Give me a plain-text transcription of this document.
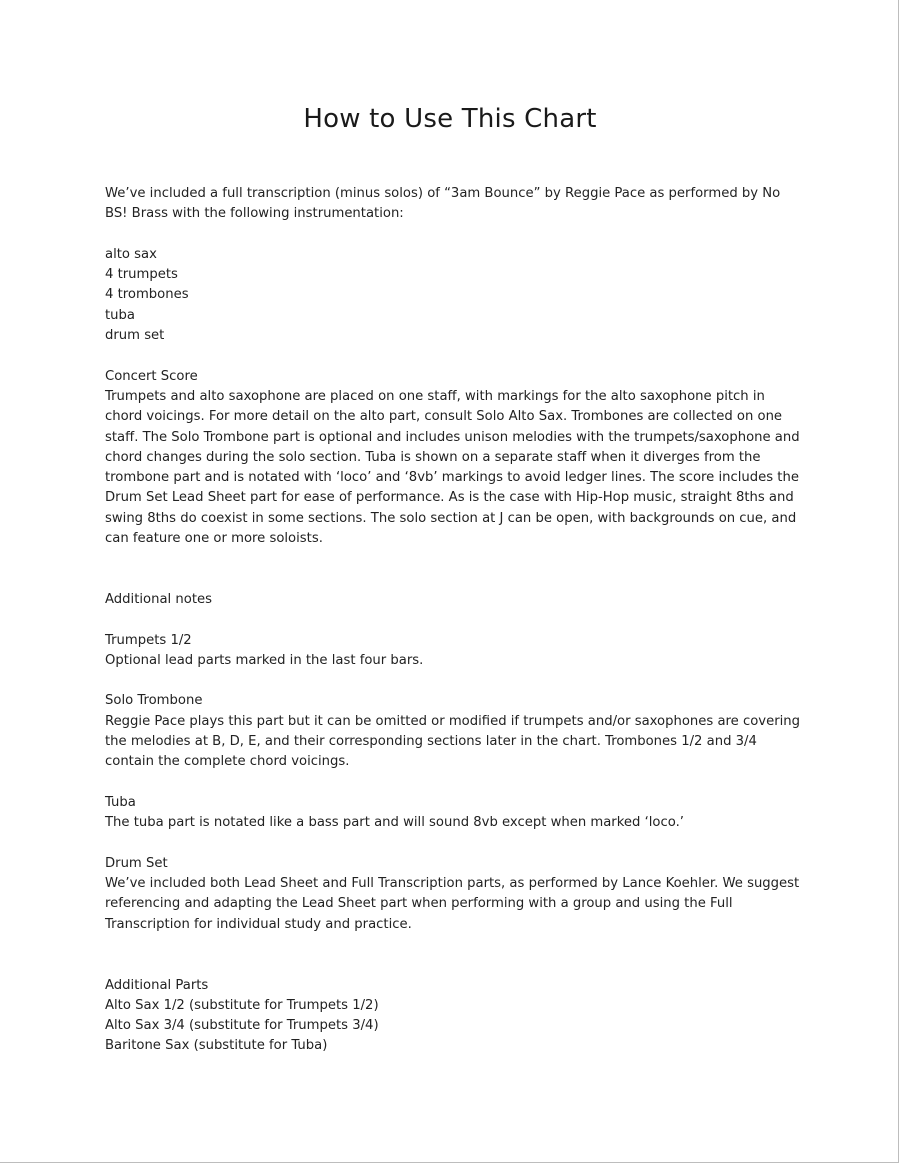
How to Use This Chart

We’ve included a full transcription (minus solos) of “3am Bounce” by Reggie Pace as performed by No BS! Brass with the following instrumentation:

alto sax
4 trumpets
4 trombones
tuba
drum set
Concert Score

Trumpets and alto saxophone are placed on one staff, with markings for the alto saxophone pitch in chord voicings. For more detail on the alto part, consult Solo Alto Sax. Trombones are collected on one staff. The Solo Trombone part is optional and includes unison melodies with the trumpets/saxophone and chord changes during the solo section. Tuba is shown on a separate staff when it diverges from the trombone part and is notated with ‘loco’ and ‘8vb’ markings to avoid ledger lines. The score includes the Drum Set Lead Sheet part for ease of performance. As is the case with Hip-Hop music, straight 8ths and swing 8ths do coexist in some sections. The solo section at J can be open, with backgrounds on cue, and can feature one or more soloists.

Additional notes
Trumpets 1/2

Optional lead parts marked in the last four bars.

Solo Trombone

Reggie Pace plays this part but it can be omitted or modified if trumpets and/or saxophones are covering the melodies at B, D, E, and their corresponding sections later in the chart. Trombones 1/2 and 3/4 contain the complete chord voicings.

Tuba

The tuba part is notated like a bass part and will sound 8vb except when marked ‘loco.’

Drum Set

We’ve included both Lead Sheet and Full Transcription parts, as performed by Lance Koehler. We suggest referencing and adapting the Lead Sheet part when performing with a group and using the Full Transcription for individual study and practice.

Additional Parts
Alto Sax 1/2 (substitute for Trumpets 1/2)
Alto Sax 3/4 (substitute for Trumpets 3/4)
Baritone Sax (substitute for Tuba)
